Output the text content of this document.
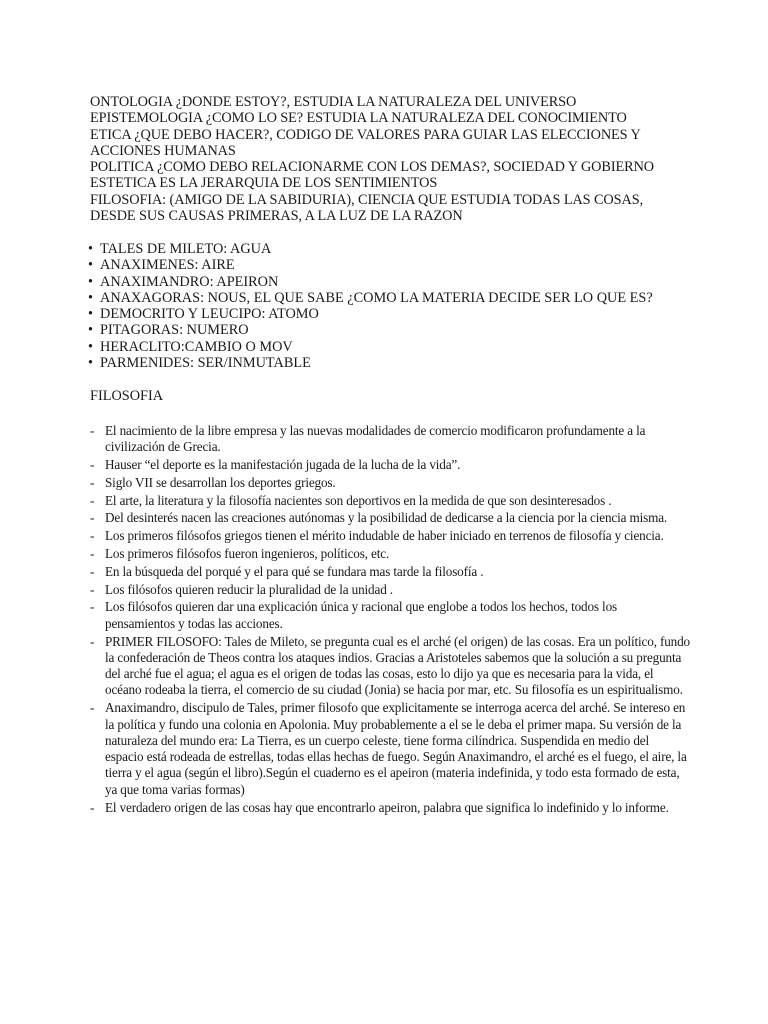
ONTOLOGIA ¿DONDE ESTOY?, ESTUDIA LA NATURALEZA DEL UNIVERSO
EPISTEMOLOGIA ¿COMO LO SE? ESTUDIA LA NATURALEZA DEL CONOCIMIENTO
ETICA ¿QUE DEBO HACER?, CODIGO DE VALORES PARA GUIAR LAS ELECCIONES Y
ACCIONES HUMANAS
POLITICA ¿COMO DEBO RELACIONARME CON LOS DEMAS?, SOCIEDAD Y GOBIERNO
ESTETICA ES LA JERARQUIA DE LOS SENTIMIENTOS
FILOSOFIA: (AMIGO DE LA SABIDURIA), CIENCIA QUE ESTUDIA TODAS LAS COSAS,
DESDE SUS CAUSAS PRIMERAS, A LA LUZ DE LA RAZON
• TALES DE MILETO: AGUA
• ANAXIMENES: AIRE
• ANAXIMANDRO: APEIRON
• ANAXAGORAS: NOUS, EL QUE SABE ¿COMO LA MATERIA DECIDE SER LO QUE ES?
• DEMOCRITO Y LEUCIPO: ATOMO
• PITAGORAS: NUMERO
• HERACLITO:CAMBIO O MOV
• PARMENIDES: SER/INMUTABLE
FILOSOFIA
- El nacimiento de la libre empresa y las nuevas modalidades de comercio modificaron profundamente a la civilización de Grecia.
- Hauser “el deporte es la manifestación jugada de la lucha de la vida”.
- Siglo VII se desarrollan los deportes griegos.
- El arte, la literatura y la filosofía nacientes son deportivos en la medida de que son desinteresados .
- Del desinterés nacen las creaciones autónomas y la posibilidad de dedicarse a la ciencia por la ciencia misma.
- Los primeros filósofos griegos tienen el mérito indudable de haber iniciado en terrenos de filosofía y ciencia.
- Los primeros filósofos fueron ingenieros, políticos, etc.
- En la búsqueda del porqué y el para qué se fundara mas tarde la filosofía .
- Los filósofos quieren reducir la pluralidad de la unidad .
- Los filósofos quieren dar una explicación única y racional que englobe a todos los hechos, todos los pensamientos y todas las acciones.
- PRIMER FILOSOFO: Tales de Mileto, se pregunta cual es el arché (el origen) de las cosas. Era un político, fundo la confederación de Theos contra los ataques indios. Gracias a Aristoteles sabemos que la solución a su pregunta del arché fue el agua; el agua es el origen de todas las cosas, esto lo dijo ya que es necesaria para la vida, el océano rodeaba la tierra, el comercio de su ciudad (Jonia) se hacia por mar, etc. Su filosofía es un espiritualismo.
- Anaximandro, discipulo de Tales, primer filosofo que explicitamente se interroga acerca del arché. Se intereso en la política y fundo una colonia en Apolonia. Muy probablemente a el se le deba el primer mapa. Su versión de la naturaleza del mundo era: La Tierra, es un cuerpo celeste, tiene forma cilíndrica. Suspendida en medio del espacio está rodeada de estrellas, todas ellas hechas de fuego. Según Anaximandro, el arché es el fuego, el aire, la tierra y el agua (según el libro).Según el cuaderno es el apeiron (materia indefinida, y todo esta formado de esta, ya que toma varias formas)
- El verdadero origen de las cosas hay que encontrarlo apeiron, palabra que significa lo indefinido y lo informe.
